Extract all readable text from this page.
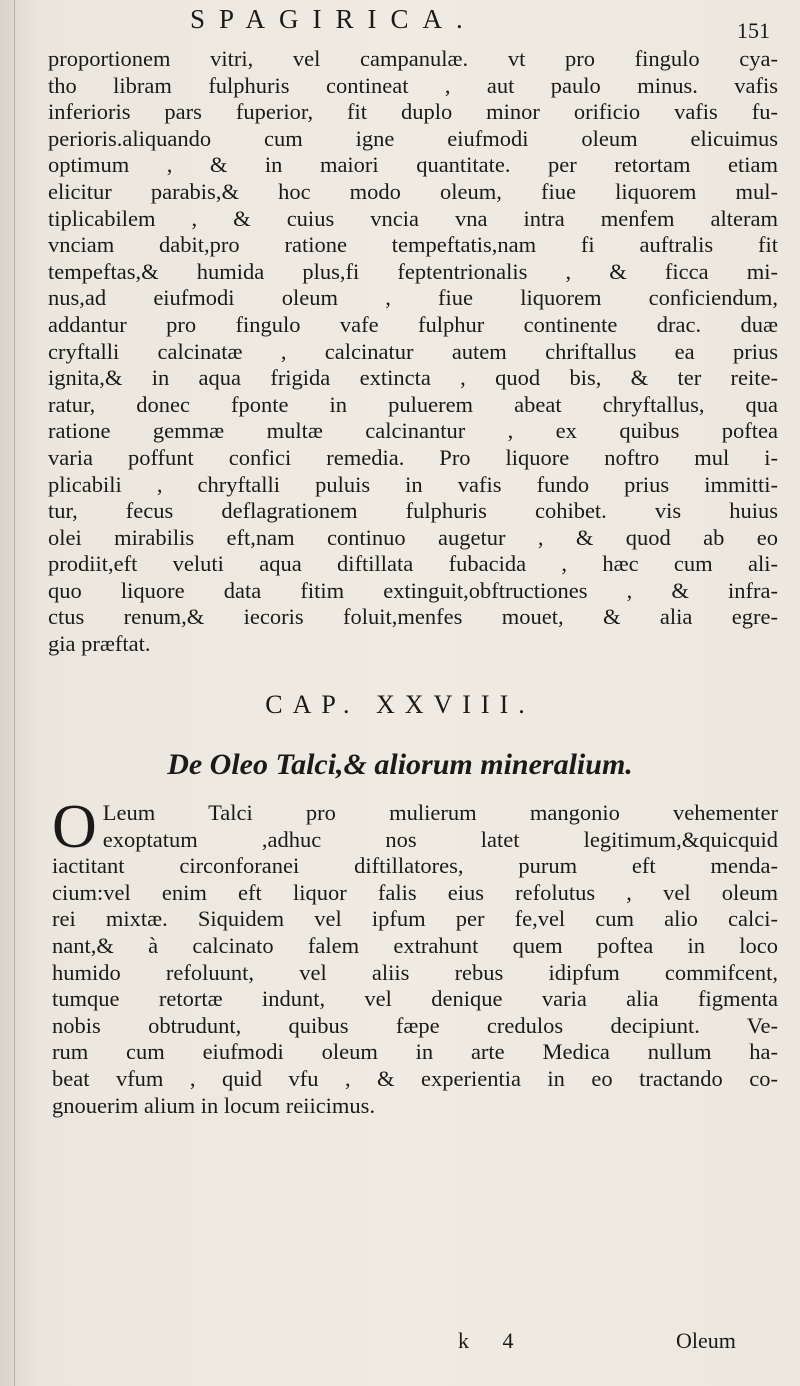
SPAGIRICA.	151
proportionem vitri, vel campanulæ. vt pro fingulo cya-
tho libram fulphuris contineat , aut paulo minus. vafis
inferioris pars fuperior, fit duplo minor orificio vafis fu-
perioris.aliquando cum igne eiufmodi oleum elicuimus
optimum , & in maiori quantitate. per retortam etiam
elicitur parabis,& hoc modo oleum, fiue liquorem mul-
tiplicabilem , & cuius vncia vna intra menfem alteram
vnciam dabit,pro ratione tempeftatis,nam fi auftralis fit
tempeftas,& humida plus,fi feptentrionalis , & ficca mi-
nus,ad eiufmodi oleum , fiue liquorem conficiendum,
addantur pro fingulo vafe fulphur continente drac. duæ
cryftalli calcinatæ , calcinatur autem chriftallus ea prius
ignita,& in aqua frigida extincta , quod bis, & ter reite-
ratur, donec fponte in puluerem abeat chryftallus, qua
ratione gemmæ multæ calcinantur , ex quibus poftea
varia poffunt confici remedia. Pro liquore noftro mul i-
plicabili , chryftalli puluis in vafis fundo prius immitti-
tur, fecus deflagrationem fulphuris cohibet. vis huius
olei mirabilis eft,nam continuo augetur , & quod ab eo
prodiit,eft veluti aqua diftillata fubacida , hæc cum ali-
quo liquore data fitim extinguit,obftructiones , & infra-
ctus renum,& iecoris foluit,menfes mouet, & alia egre-
gia præftat.
CAP. XXVIII.
De Oleo Talci,& aliorum mineralium.
O Leum Talci pro mulierum mangonio vehementer
exoptatum ,adhuc nos latet legitimum,&quicquid
iactitant circonforanei diftillatores, purum eft menda-
cium:vel enim eft liquor falis eius refolutus , vel oleum
rei mixtæ. Siquidem vel ipfum per fe,vel cum alio calci-
nant,& à calcinato falem extrahunt quem poftea in loco
humido refoluunt, vel aliis rebus idipfum commifcent,
tumque retortæ indunt, vel denique varia alia figmenta
nobis obtrudunt, quibus fæpe credulos decipiunt. Ve-
rum cum eiufmodi oleum in arte Medica nullum ha-
beat vfum , quid vfu , & experientia in eo tractando co-
gnouerim alium in locum reiicimus.
k 4	Oleum
